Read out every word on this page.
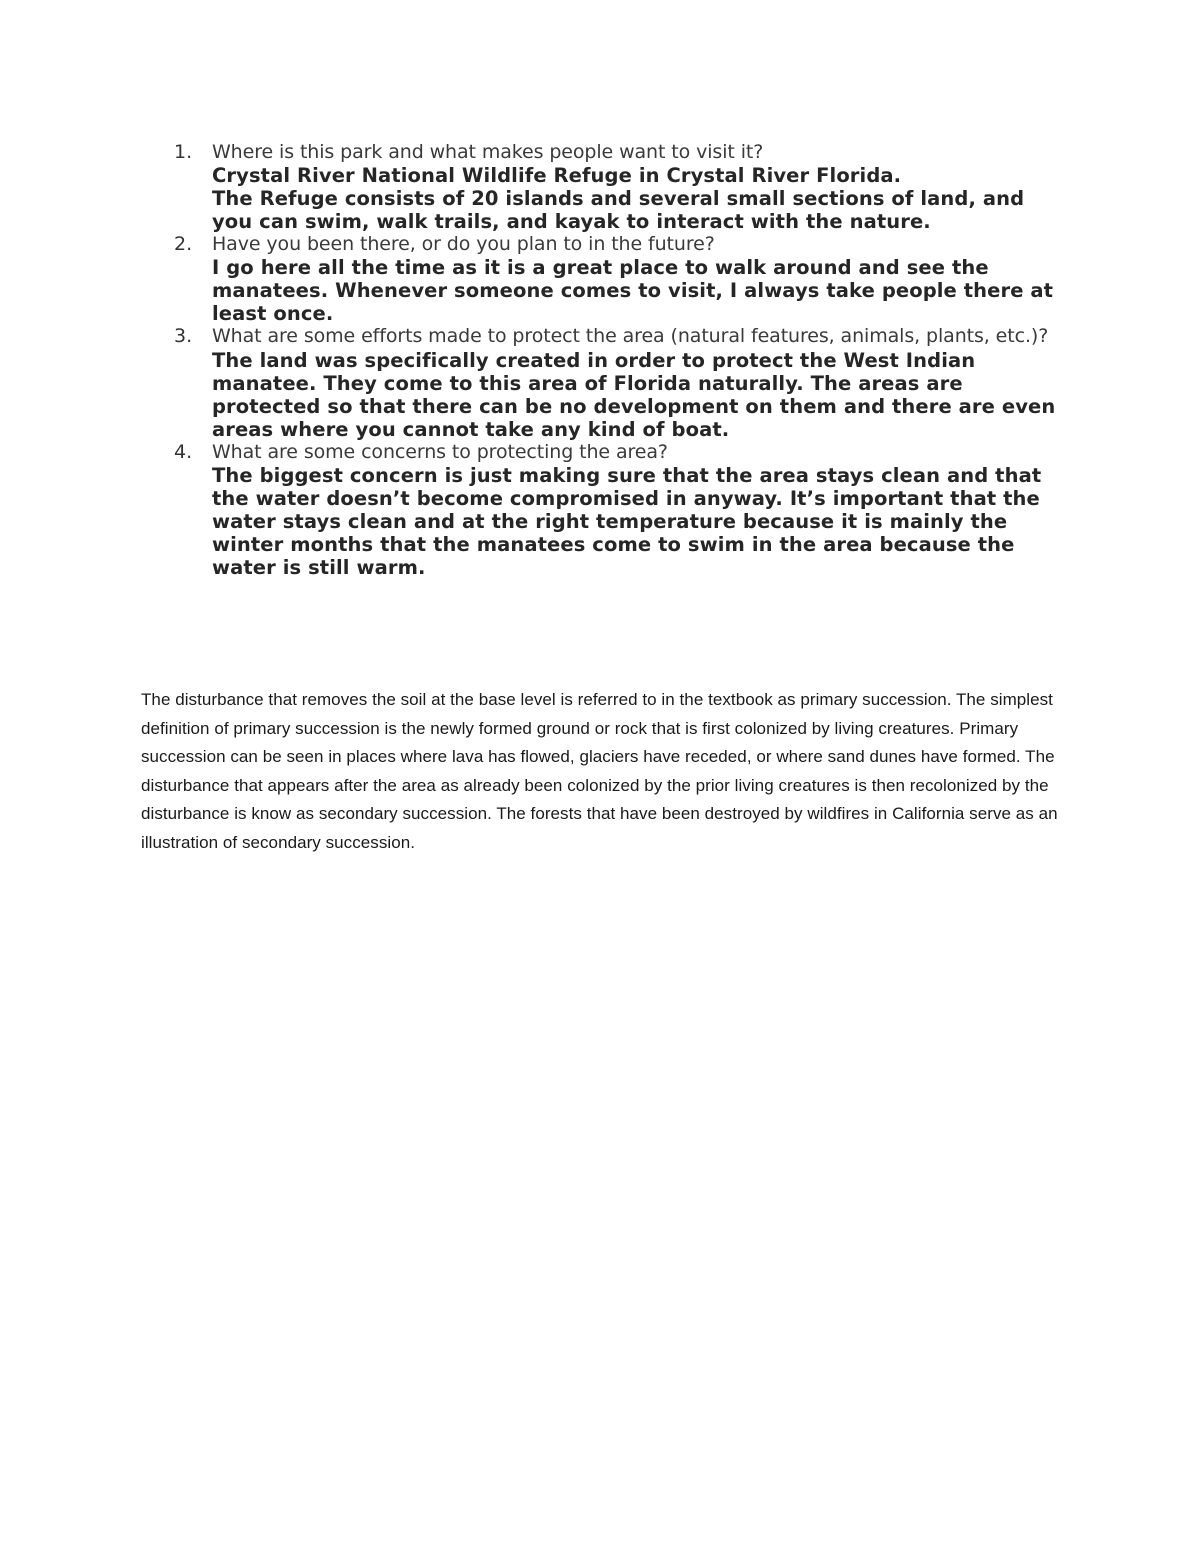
1. Where is this park and what makes people want to visit it?

Crystal River National Wildlife Refuge in Crystal River Florida.

The Refuge consists of 20 islands and several small sections of land, and you can swim, walk trails, and kayak to interact with the nature.

2. Have you been there, or do you plan to in the future?

I go here all the time as it is a great place to walk around and see the manatees. Whenever someone comes to visit, I always take people there at least once.

3. What are some efforts made to protect the area (natural features, animals, plants, etc.)?

The land was specifically created in order to protect the West Indian manatee. They come to this area of Florida naturally. The areas are protected so that there can be no development on them and there are even areas where you cannot take any kind of boat.

4. What are some concerns to protecting the area?

The biggest concern is just making sure that the area stays clean and that the water doesn’t become compromised in anyway. It’s important that the water stays clean and at the right temperature because it is mainly the winter months that the manatees come to swim in the area because the water is still warm.

The disturbance that removes the soil at the base level is referred to in the textbook as primary succession. The simplest definition of primary succession is the newly formed ground or rock that is first colonized by living creatures. Primary succession can be seen in places where lava has flowed, glaciers have receded, or where sand dunes have formed. The disturbance that appears after the area as already been colonized by the prior living creatures is then recolonized by the disturbance is know as secondary succession. The forests that have been destroyed by wildfires in California serve as an illustration of secondary succession.
